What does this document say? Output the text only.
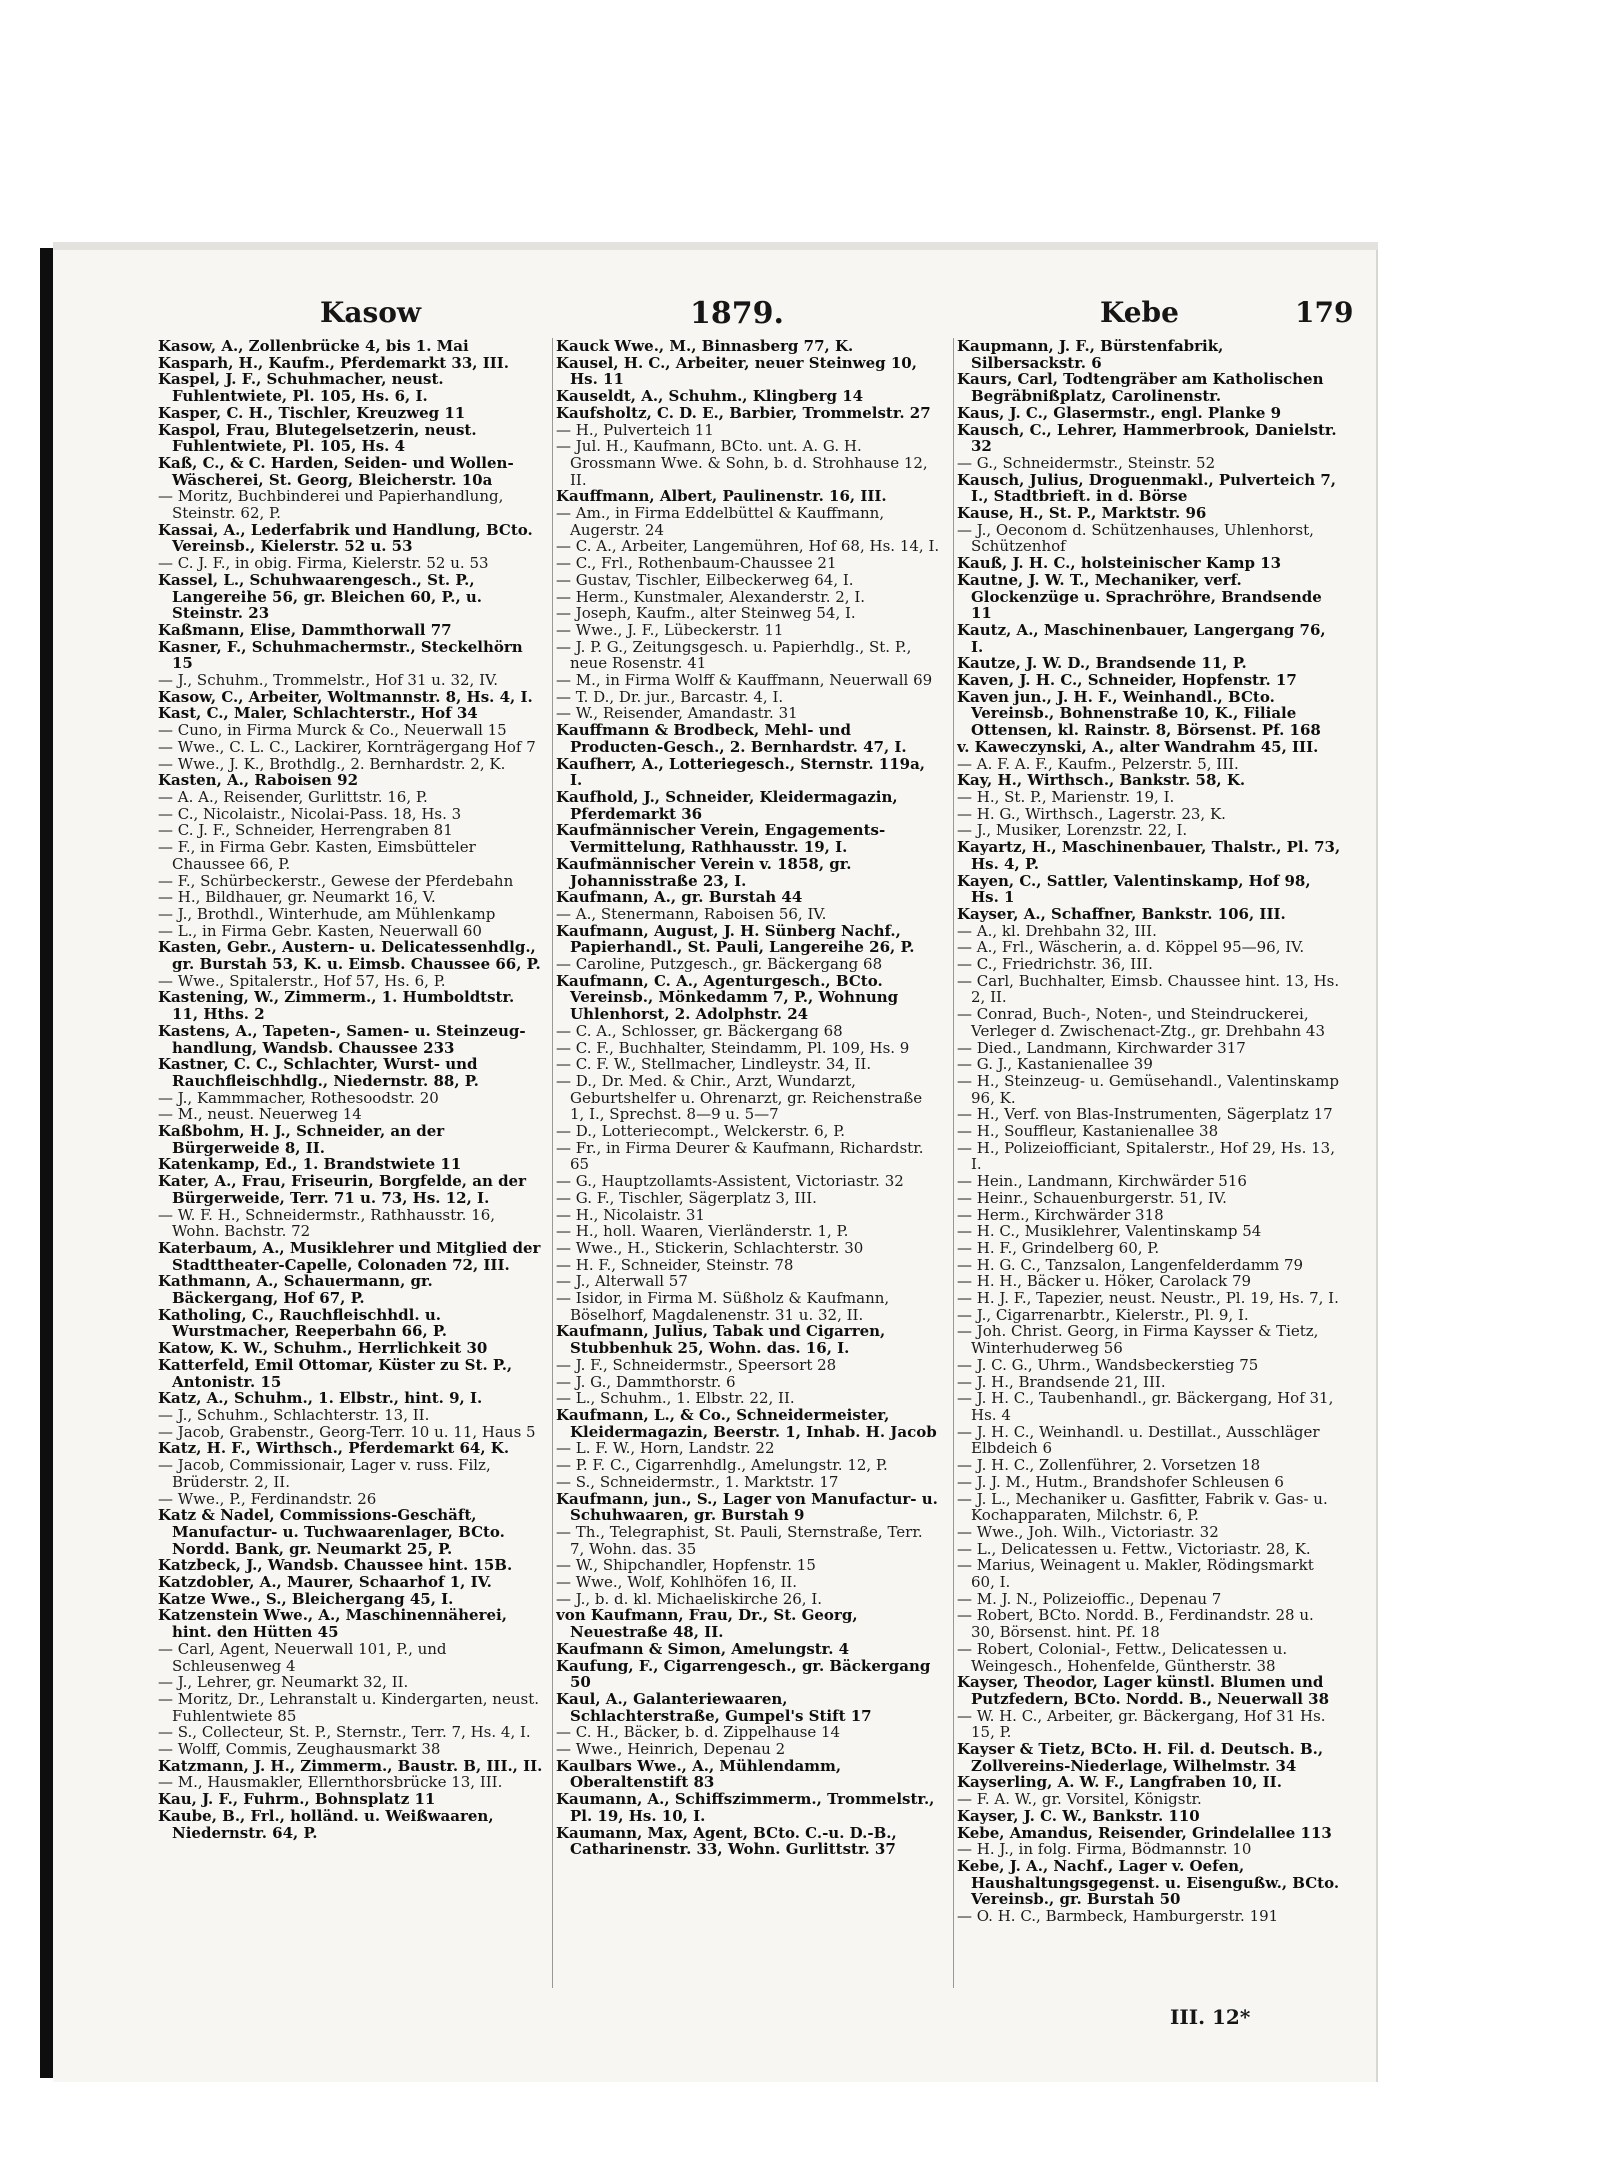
Kasow	1879.	Kebe	179

Kasow, A., Zollenbrücke 4, bis 1. Mai

Kasparh, H., Kaufm., Pferdemarkt 33, III.

Kaspel, J. F., Schuhmacher, neust. Fuhlentwiete, Pl. 105, Hs. 6, I.

Kasper, C. H., Tischler, Kreuzweg 11

Kaspol, Frau, Blutegelsetzerin, neust. Fuhlentwiete, Pl. 105, Hs. 4

Kaß, C., & C. Harden, Seiden- und Wollen-Wäscherei, St. Georg, Bleicherstr. 10a

— Moritz, Buchbinderei und Papierhandlung, Steinstr. 62, P.

Kassai, A., Lederfabrik und Handlung, BCto. Vereinsb., Kielerstr. 52 u. 53

— C. J. F., in obig. Firma, Kielerstr. 52 u. 53

Kassel, L., Schuhwaarengesch., St. P., Langereihe 56, gr. Bleichen 60, P., u. Steinstr. 23

Kaßmann, Elise, Dammthorwall 77

Kasner, F., Schuhmachermstr., Steckelhörn 15

— J., Schuhm., Trommelstr., Hof 31 u. 32, IV.

Kasow, C., Arbeiter, Woltmannstr. 8, Hs. 4, I.

Kast, C., Maler, Schlachterstr., Hof 34

— Cuno, in Firma Murck & Co., Neuerwall 15

— Wwe., C. L. C., Lackirer, Kornträgergang Hof 7

— Wwe., J. K., Brothdlg., 2. Bernhardstr. 2, K.

Kasten, A., Raboisen 92

— A. A., Reisender, Gurlittstr. 16, P.

— C., Nicolaistr., Nicolai-Pass. 18, Hs. 3

— C. J. F., Schneider, Herrengraben 81

— F., in Firma Gebr. Kasten, Eimsbütteler Chaussee 66, P.

— F., Schürbeckerstr., Gewese der Pferdebahn

— H., Bildhauer, gr. Neumarkt 16, V.

— J., Brothdl., Winterhude, am Mühlenkamp

— L., in Firma Gebr. Kasten, Neuerwall 60

Kasten, Gebr., Austern- u. Delicatessenhdlg., gr. Burstah 53, K. u. Eimsb. Chaussee 66, P.

— Wwe., Spitalerstr., Hof 57, Hs. 6, P.

Kastening, W., Zimmerm., 1. Humboldtstr. 11, Hths. 2

Kastens, A., Tapeten-, Samen- u. Steinzeug-handlung, Wandsb. Chaussee 233

Kastner, C. C., Schlachter, Wurst- und Rauchfleischhdlg., Niedernstr. 88, P.

— J., Kammmacher, Rothesoodstr. 20

— M., neust. Neuerweg 14

Kaßbohm, H. J., Schneider, an der Bürgerweide 8, II.

Katenkamp, Ed., 1. Brandstwiete 11

Kater, A., Frau, Friseurin, Borgfelde, an der Bürgerweide, Terr. 71 u. 73, Hs. 12, I.

— W. F. H., Schneidermstr., Rathhausstr. 16, Wohn. Bachstr. 72

Katerbaum, A., Musiklehrer und Mitglied der Stadttheater-Capelle, Colonaden 72, III.

Kathmann, A., Schauermann, gr. Bäckergang, Hof 67, P.

Katholing, C., Rauchfleischhdl. u. Wurstmacher, Reeperbahn 66, P.

Katow, K. W., Schuhm., Herrlichkeit 30

Katterfeld, Emil Ottomar, Küster zu St. P., Antonistr. 15

Katz, A., Schuhm., 1. Elbstr., hint. 9, I.

— J., Schuhm., Schlachterstr. 13, II.

— Jacob, Grabenstr., Georg-Terr. 10 u. 11, Haus 5

Katz, H. F., Wirthsch., Pferdemarkt 64, K.

— Jacob, Commissionair, Lager v. russ. Filz, Brüderstr. 2, II.

— Wwe., P., Ferdinandstr. 26

Katz & Nadel, Commissions-Geschäft, Manufactur- u. Tuchwaarenlager, BCto. Nordd. Bank, gr. Neumarkt 25, P.

Katzbeck, J., Wandsb. Chaussee hint. 15B.

Katzdobler, A., Maurer, Schaarhof 1, IV.

Katze Wwe., S., Bleichergang 45, I.

Katzenstein Wwe., A., Maschinennäherei, hint. den Hütten 45

— Carl, Agent, Neuerwall 101, P., und Schleusenweg 4

— J., Lehrer, gr. Neumarkt 32, II.

— Moritz, Dr., Lehranstalt u. Kindergarten, neust. Fuhlentwiete 85

— S., Collecteur, St. P., Sternstr., Terr. 7, Hs. 4, I.

— Wolff, Commis, Zeughausmarkt 38

Katzmann, J. H., Zimmerm., Baustr. B, III., II.

— M., Hausmakler, Ellernthorsbrücke 13, III.

Kau, J. F., Fuhrm., Bohnsplatz 11

Kaube, B., Frl., holländ. u. Weißwaaren, Niedernstr. 64, P.

Kauck Wwe., M., Binnasberg 77, K.

Kausel, H. C., Arbeiter, neuer Steinweg 10, Hs. 11

Kauseldt, A., Schuhm., Klingberg 14

Kaufsholtz, C. D. E., Barbier, Trommelstr. 27

— H., Pulverteich 11

— Jul. H., Kaufmann, BCto. unt. A. G. H. Grossmann Wwe. & Sohn, b. d. Strohhause 12, II.

Kauffmann, Albert, Paulinenstr. 16, III.

— Am., in Firma Eddelbüttel & Kauffmann, Augerstr. 24

— C. A., Arbeiter, Langemühren, Hof 68, Hs. 14, I.

— C., Frl., Rothenbaum-Chaussee 21

— Gustav, Tischler, Eilbeckerweg 64, I.

— Herm., Kunstmaler, Alexanderstr. 2, I.

— Joseph, Kaufm., alter Steinweg 54, I.

— Wwe., J. F., Lübeckerstr. 11

— J. P. G., Zeitungsgesch. u. Papierhdlg., St. P., neue Rosenstr. 41

— M., in Firma Wolff & Kauffmann, Neuerwall 69

— T. D., Dr. jur., Barcastr. 4, I.

— W., Reisender, Amandastr. 31

Kauffmann & Brodbeck, Mehl- und Producten-Gesch., 2. Bernhardstr. 47, I.

Kaufherr, A., Lotteriegesch., Sternstr. 119a, I.

Kaufhold, J., Schneider, Kleidermagazin, Pferdemarkt 36

Kaufmännischer Verein, Engagements-Vermittelung, Rathhausstr. 19, I.

Kaufmännischer Verein v. 1858, gr. Johannisstraße 23, I.

Kaufmann, A., gr. Burstah 44

— A., Stenermann, Raboisen 56, IV.

Kaufmann, August, J. H. Sünberg Nachf., Papierhandl., St. Pauli, Langereihe 26, P.

— Caroline, Putzgesch., gr. Bäckergang 68

Kaufmann, C. A., Agenturgesch., BCto. Vereinsb., Mönkedamm 7, P., Wohnung Uhlenhorst, 2. Adolphstr. 24

— C. A., Schlosser, gr. Bäckergang 68

— C. F., Buchhalter, Steindamm, Pl. 109, Hs. 9

— C. F. W., Stellmacher, Lindleystr. 34, II.

— D., Dr. Med. & Chir., Arzt, Wundarzt, Geburtshelfer u. Ohrenarzt, gr. Reichenstraße 1, I., Sprechst. 8—9 u. 5—7

— D., Lotteriecompt., Welckerstr. 6, P.

— Fr., in Firma Deurer & Kaufmann, Richardstr. 65

— G., Hauptzollamts-Assistent, Victoriastr. 32

— G. F., Tischler, Sägerplatz 3, III.

— H., Nicolaistr. 31

— H., holl. Waaren, Vierländerstr. 1, P.

— Wwe., H., Stickerin, Schlachterstr. 30

— H. F., Schneider, Steinstr. 78

— J., Alterwall 57

— Isidor, in Firma M. Süßholz & Kaufmann, Böselhorf, Magdalenenstr. 31 u. 32, II.

Kaufmann, Julius, Tabak und Cigarren, Stubbenhuk 25, Wohn. das. 16, I.

— J. F., Schneidermstr., Speersort 28

— J. G., Dammthorstr. 6

— L., Schuhm., 1. Elbstr. 22, II.

Kaufmann, L., & Co., Schneidermeister, Kleidermagazin, Beerstr. 1, Inhab. H. Jacob

— L. F. W., Horn, Landstr. 22

— P. F. C., Cigarrenhdlg., Amelungstr. 12, P.

— S., Schneidermstr., 1. Marktstr. 17

Kaufmann, jun., S., Lager von Manufactur- u. Schuhwaaren, gr. Burstah 9

— Th., Telegraphist, St. Pauli, Sternstraße, Terr. 7, Wohn. das. 35

— W., Shipchandler, Hopfenstr. 15

— Wwe., Wolf, Kohlhöfen 16, II.

— J., b. d. kl. Michaeliskirche 26, I.

von Kaufmann, Frau, Dr., St. Georg, Neuestraße 48, II.

Kaufmann & Simon, Amelungstr. 4

Kaufung, F., Cigarrengesch., gr. Bäckergang 50

Kaul, A., Galanteriewaaren, Schlachterstraße, Gumpel's Stift 17

— C. H., Bäcker, b. d. Zippelhause 14

— Wwe., Heinrich, Depenau 2

Kaulbars Wwe., A., Mühlendamm, Oberaltenstift 83

Kaumann, A., Schiffszimmerm., Trommelstr., Pl. 19, Hs. 10, I.

Kaumann, Max, Agent, BCto. C.-u. D.-B., Catharinenstr. 33, Wohn. Gurlittstr. 37

Kaupmann, J. F., Bürstenfabrik, Silbersackstr. 6

Kaurs, Carl, Todtengräber am Katholischen Begräbnißplatz, Carolinenstr.

Kaus, J. C., Glasermstr., engl. Planke 9

Kausch, C., Lehrer, Hammerbrook, Danielstr. 32

— G., Schneidermstr., Steinstr. 52

Kausch, Julius, Droguenmakl., Pulverteich 7, I., Stadtbrieft. in d. Börse

Kause, H., St. P., Marktstr. 96

— J., Oeconom d. Schützenhauses, Uhlenhorst, Schützenhof

Kauß, J. H. C., holsteinischer Kamp 13

Kautne, J. W. T., Mechaniker, verf. Glockenzüge u. Sprachröhre, Brandsende 11

Kautz, A., Maschinenbauer, Langergang 76, I.

Kautze, J. W. D., Brandsende 11, P.

Kaven, J. H. C., Schneider, Hopfenstr. 17

Kaven jun., J. H. F., Weinhandl., BCto. Vereinsb., Bohnenstraße 10, K., Filiale Ottensen, kl. Rainstr. 8, Börsenst. Pf. 168

v. Kaweczynski, A., alter Wandrahm 45, III.

— A. F. A. F., Kaufm., Pelzerstr. 5, III.

Kay, H., Wirthsch., Bankstr. 58, K.

— H., St. P., Marienstr. 19, I.

— H. G., Wirthsch., Lagerstr. 23, K.

— J., Musiker, Lorenzstr. 22, I.

Kayartz, H., Maschinenbauer, Thalstr., Pl. 73, Hs. 4, P.

Kayen, C., Sattler, Valentinskamp, Hof 98, Hs. 1

Kayser, A., Schaffner, Bankstr. 106, III.

— A., kl. Drehbahn 32, III.

— A., Frl., Wäscherin, a. d. Köppel 95—96, IV.

— C., Friedrichstr. 36, III.

— Carl, Buchhalter, Eimsb. Chaussee hint. 13, Hs. 2, II.

— Conrad, Buch-, Noten-, und Steindruckerei, Verleger d. Zwischenact-Ztg., gr. Drehbahn 43

— Died., Landmann, Kirchwarder 317

— G. J., Kastanienallee 39

— H., Steinzeug- u. Gemüsehandl., Valentinskamp 96, K.

— H., Verf. von Blas-Instrumenten, Sägerplatz 17

— H., Souffleur, Kastanienallee 38

— H., Polizeiofficiant, Spitalerstr., Hof 29, Hs. 13, I.

— Hein., Landmann, Kirchwärder 516

— Heinr., Schauenburgerstr. 51, IV.

— Herm., Kirchwärder 318

— H. C., Musiklehrer, Valentinskamp 54

— H. F., Grindelberg 60, P.

— H. G. C., Tanzsalon, Langenfelderdamm 79

— H. H., Bäcker u. Höker, Carolack 79

— H. J. F., Tapezier, neust. Neustr., Pl. 19, Hs. 7, I.

— J., Cigarrenarbtr., Kielerstr., Pl. 9, I.

— Joh. Christ. Georg, in Firma Kaysser & Tietz, Winterhuderweg 56

— J. C. G., Uhrm., Wandsbeckerstieg 75

— J. H., Brandsende 21, III.

— J. H. C., Taubenhandl., gr. Bäckergang, Hof 31, Hs. 4

— J. H. C., Weinhandl. u. Destillat., Ausschläger Elbdeich 6

— J. H. C., Zollenführer, 2. Vorsetzen 18

— J. J. M., Hutm., Brandshofer Schleusen 6

— J. L., Mechaniker u. Gasfitter, Fabrik v. Gas- u. Kochapparaten, Milchstr. 6, P.

— Wwe., Joh. Wilh., Victoriastr. 32

— L., Delicatessen u. Fettw., Victoriastr. 28, K.

— Marius, Weinagent u. Makler, Rödingsmarkt 60, I.

— M. J. N., Polizeioffic., Depenau 7

— Robert, BCto. Nordd. B., Ferdinandstr. 28 u. 30, Börsenst. hint. Pf. 18

— Robert, Colonial-, Fettw., Delicatessen u. Weingesch., Hohenfelde, Güntherstr. 38

Kayser, Theodor, Lager künstl. Blumen und Putzfedern, BCto. Nordd. B., Neuerwall 38

— W. H. C., Arbeiter, gr. Bäckergang, Hof 31 Hs. 15, P.

Kayser & Tietz, BCto. H. Fil. d. Deutsch. B., Zollvereins-Niederlage, Wilhelmstr. 34

Kayserling, A. W. F., Langfraben 10, II.

— F. A. W., gr. Vorsitel, Königstr.

Kayser, J. C. W., Bankstr. 110

Kebe, Amandus, Reisender, Grindelallee 113

— H. J., in folg. Firma, Bödmannstr. 10

Kebe, J. A., Nachf., Lager v. Oefen, Haushaltungsgegenst. u. Eisengußw., BCto. Vereinsb., gr. Burstah 50

— O. H. C., Barmbeck, Hamburgerstr. 191

III. 12*
